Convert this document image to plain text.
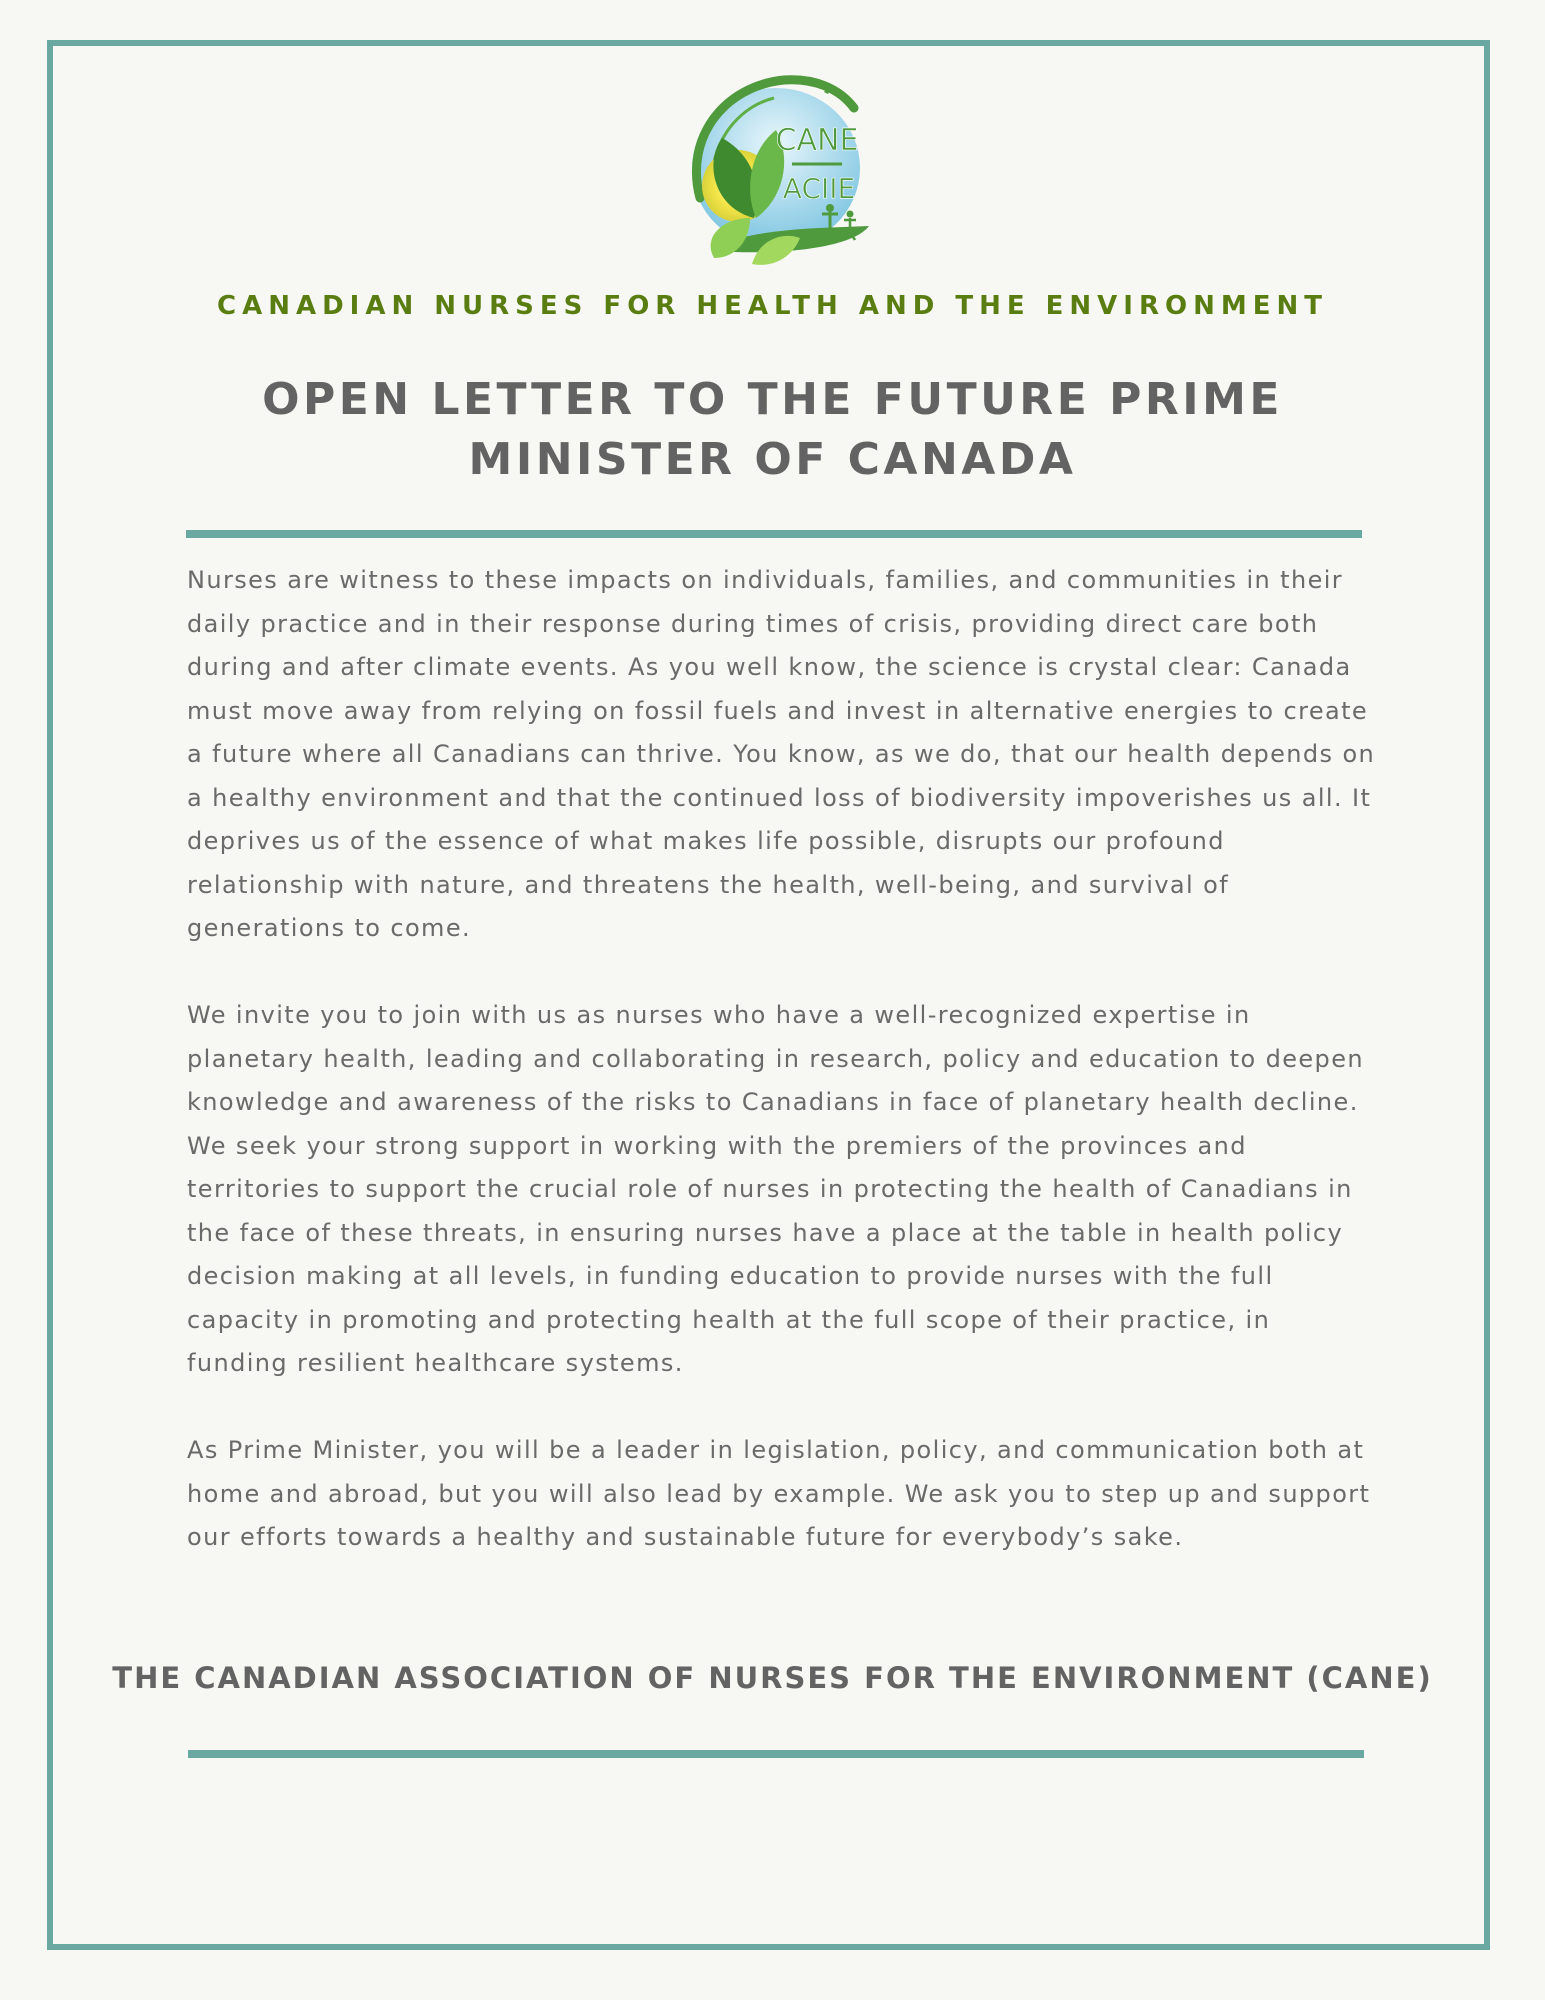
CANE
ACIIE
CANADIAN NURSES FOR HEALTH AND THE ENVIRONMENT
OPEN LETTER TO THE FUTURE PRIME MINISTER OF CANADA

Nurses are witness to these impacts on individuals, families, and communities in their daily practice and in their response during times of crisis, providing direct care both during and after climate events. As you well know, the science is crystal clear: Canada must move away from relying on fossil fuels and invest in alternative energies to create a future where all Canadians can thrive. You know, as we do, that our health depends on a healthy environment and that the continued loss of biodiversity impoverishes us all. It deprives us of the essence of what makes life possible, disrupts our profound relationship with nature, and threatens the health, well-being, and survival of generations to come.

We invite you to join with us as nurses who have a well-recognized expertise in planetary health, leading and collaborating in research, policy and education to deepen knowledge and awareness of the risks to Canadians in face of planetary health decline. We seek your strong support in working with the premiers of the provinces and territories to support the crucial role of nurses in protecting the health of Canadians in the face of these threats, in ensuring nurses have a place at the table in health policy decision making at all levels, in funding education to provide nurses with the full capacity in promoting and protecting health at the full scope of their practice, in funding resilient healthcare systems.

As Prime Minister, you will be a leader in legislation, policy, and communication both at home and abroad, but you will also lead by example. We ask you to step up and support our efforts towards a healthy and sustainable future for everybody’s sake.

THE CANADIAN ASSOCIATION OF NURSES FOR THE ENVIRONMENT (CANE)
